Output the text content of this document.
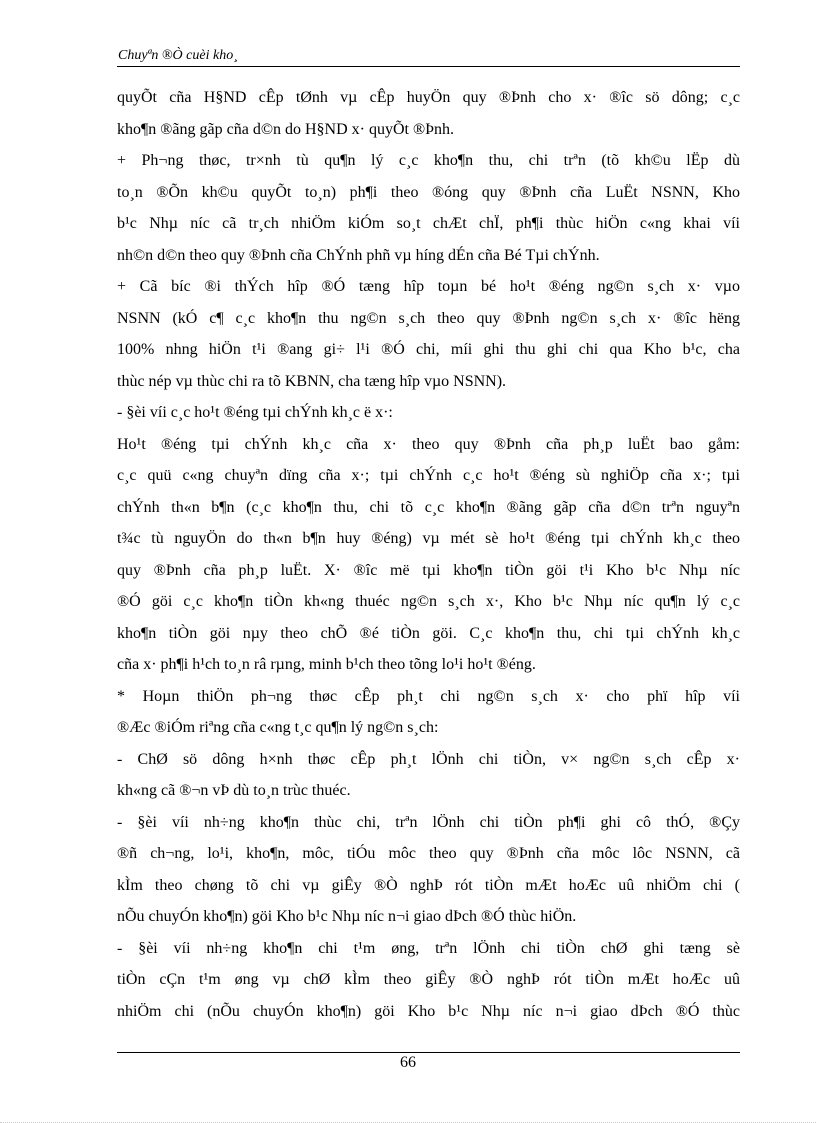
Chuyªn ®Ò cuèi kho¸

quyÕt cña H§ND cÊp tØnh vµ cÊp huyÖn quy ®Þnh cho x· ®îc sö dông; c¸c

kho¶n ®ãng gãp cña d©n do H§ND x· quyÕt ®Þnh.

+ Ph¬ng thøc, tr×nh tù qu¶n lý c¸c kho¶n thu, chi trªn (tõ kh©u lËp dù

to¸n ®Õn kh©u quyÕt to¸n) ph¶i theo ®óng quy ®Þnh cña LuËt NSNN, Kho

b¹c Nhµ níc cã tr¸ch nhiÖm kiÓm so¸t chÆt chÏ, ph¶i thùc hiÖn c«ng khai víi

nh©n d©n theo quy ®Þnh cña ChÝnh phñ vµ híng dÉn cña Bé Tµi chÝnh.

+ Cã bíc ®i thÝch hîp ®Ó tæng hîp toµn bé ho¹t ®éng ng©n s¸ch x· vµo

NSNN (kÓ c¶ c¸c kho¶n thu ng©n s¸ch theo quy ®Þnh ng©n s¸ch x· ®îc hëng

100% nhng hiÖn t¹i ®ang gi÷ l¹i ®Ó chi, míi ghi thu ghi chi qua Kho b¹c, cha

thùc nép vµ thùc chi ra tõ KBNN, cha tæng hîp vµo NSNN).

- §èi víi c¸c ho¹t ®éng tµi chÝnh kh¸c ë x·:

Ho¹t ®éng tµi chÝnh kh¸c cña x· theo quy ®Þnh cña ph¸p luËt bao gåm:

c¸c quü c«ng chuyªn dïng cña x·; tµi chÝnh c¸c ho¹t ®éng sù nghiÖp cña x·; tµi

chÝnh th«n b¶n (c¸c kho¶n thu, chi tõ c¸c kho¶n ®ãng gãp cña d©n trªn nguyªn

t¾c tù nguyÖn do th«n b¶n huy ®éng) vµ mét sè ho¹t ®éng tµi chÝnh kh¸c theo

quy ®Þnh cña ph¸p luËt. X· ®îc më tµi kho¶n tiÒn göi t¹i Kho b¹c Nhµ níc

®Ó göi c¸c kho¶n tiÒn kh«ng thuéc ng©n s¸ch x·, Kho b¹c Nhµ níc qu¶n lý c¸c

kho¶n tiÒn göi nµy theo chÕ ®é tiÒn göi. C¸c kho¶n thu, chi tµi chÝnh kh¸c

cña x· ph¶i h¹ch to¸n râ rµng, minh b¹ch theo tõng lo¹i ho¹t ®éng.

* Hoµn thiÖn ph¬ng thøc cÊp ph¸t chi ng©n s¸ch x· cho phï hîp víi

®Æc ®iÓm riªng cña c«ng t¸c qu¶n lý ng©n s¸ch:

- ChØ sö dông h×nh thøc cÊp ph¸t lÖnh chi tiÒn, v× ng©n s¸ch cÊp x·

kh«ng cã ®¬n vÞ dù to¸n trùc thuéc.

- §èi víi nh÷ng kho¶n thùc chi, trªn lÖnh chi tiÒn ph¶i ghi cô thÓ, ®Çy

®ñ ch¬ng, lo¹i, kho¶n, môc, tiÓu môc theo quy ®Þnh cña môc lôc NSNN, cã

kÌm theo chøng tõ chi vµ giÊy ®Ò nghÞ rót tiÒn mÆt hoÆc uû nhiÖm chi (

nÕu chuyÓn kho¶n) göi Kho b¹c Nhµ níc n¬i giao dÞch ®Ó thùc hiÖn.

- §èi víi nh÷ng kho¶n chi t¹m øng, trªn lÖnh chi tiÒn chØ ghi tæng sè

tiÒn cÇn t¹m øng vµ chØ kÌm theo giÊy ®Ò nghÞ rót tiÒn mÆt hoÆc uû

nhiÖm chi (nÕu chuyÓn kho¶n) göi Kho b¹c Nhµ níc n¬i giao dÞch ®Ó thùc

66
